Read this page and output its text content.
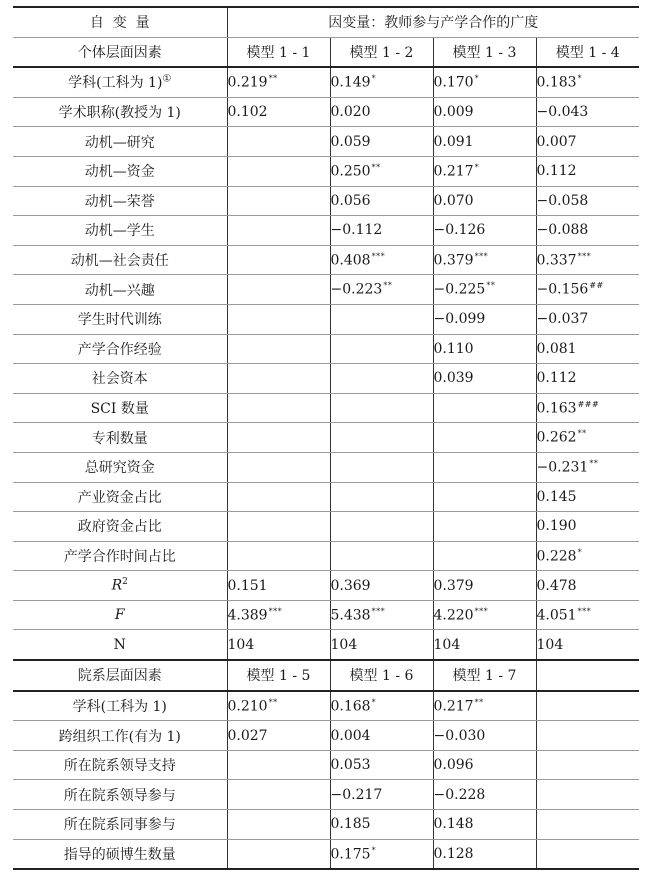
自  变  量	因变量：教师参与产学合作的广度			
个体层面因素	模型 1 - 1	模型 1 - 2	模型 1 - 3	模型 1 - 4
学科(工科为 1)①	0.219**	0.149*	0.170*	0.183*
学术职称(教授为 1)	0.102	0.020	0.009	−0.043
动机—研究		0.059	0.091	0.007
动机—资金		0.250**	0.217*	0.112
动机—荣誉		0.056	0.070	−0.058
动机—学生		−0.112	−0.126	−0.088
动机—社会责任		0.408***	0.379***	0.337***
动机—兴趣		−0.223**	−0.225**	−0.156##
学生时代训练			−0.099	−0.037
产学合作经验			0.110	0.081
社会资本			0.039	0.112
SCI 数量				0.163###
专利数量				0.262**
总研究资金				−0.231**
产业资金占比				0.145
政府资金占比				0.190
产学合作时间占比				0.228*
$R^2$	0.151	0.369	0.379	0.478
F	4.389***	5.438***	4.220***	4.051***
N	104	104	104	104
院系层面因素	模型 1 - 5	模型 1 - 6	模型 1 - 7	
学科(工科为 1)	0.210**	0.168*	0.217**	
跨组织工作(有为 1)	0.027	0.004	−0.030	
所在院系领导支持		0.053	0.096	
所在院系领导参与		−0.217	−0.228	
所在院系同事参与		0.185	0.148	
指导的硕博生数量		0.175*	0.128	
